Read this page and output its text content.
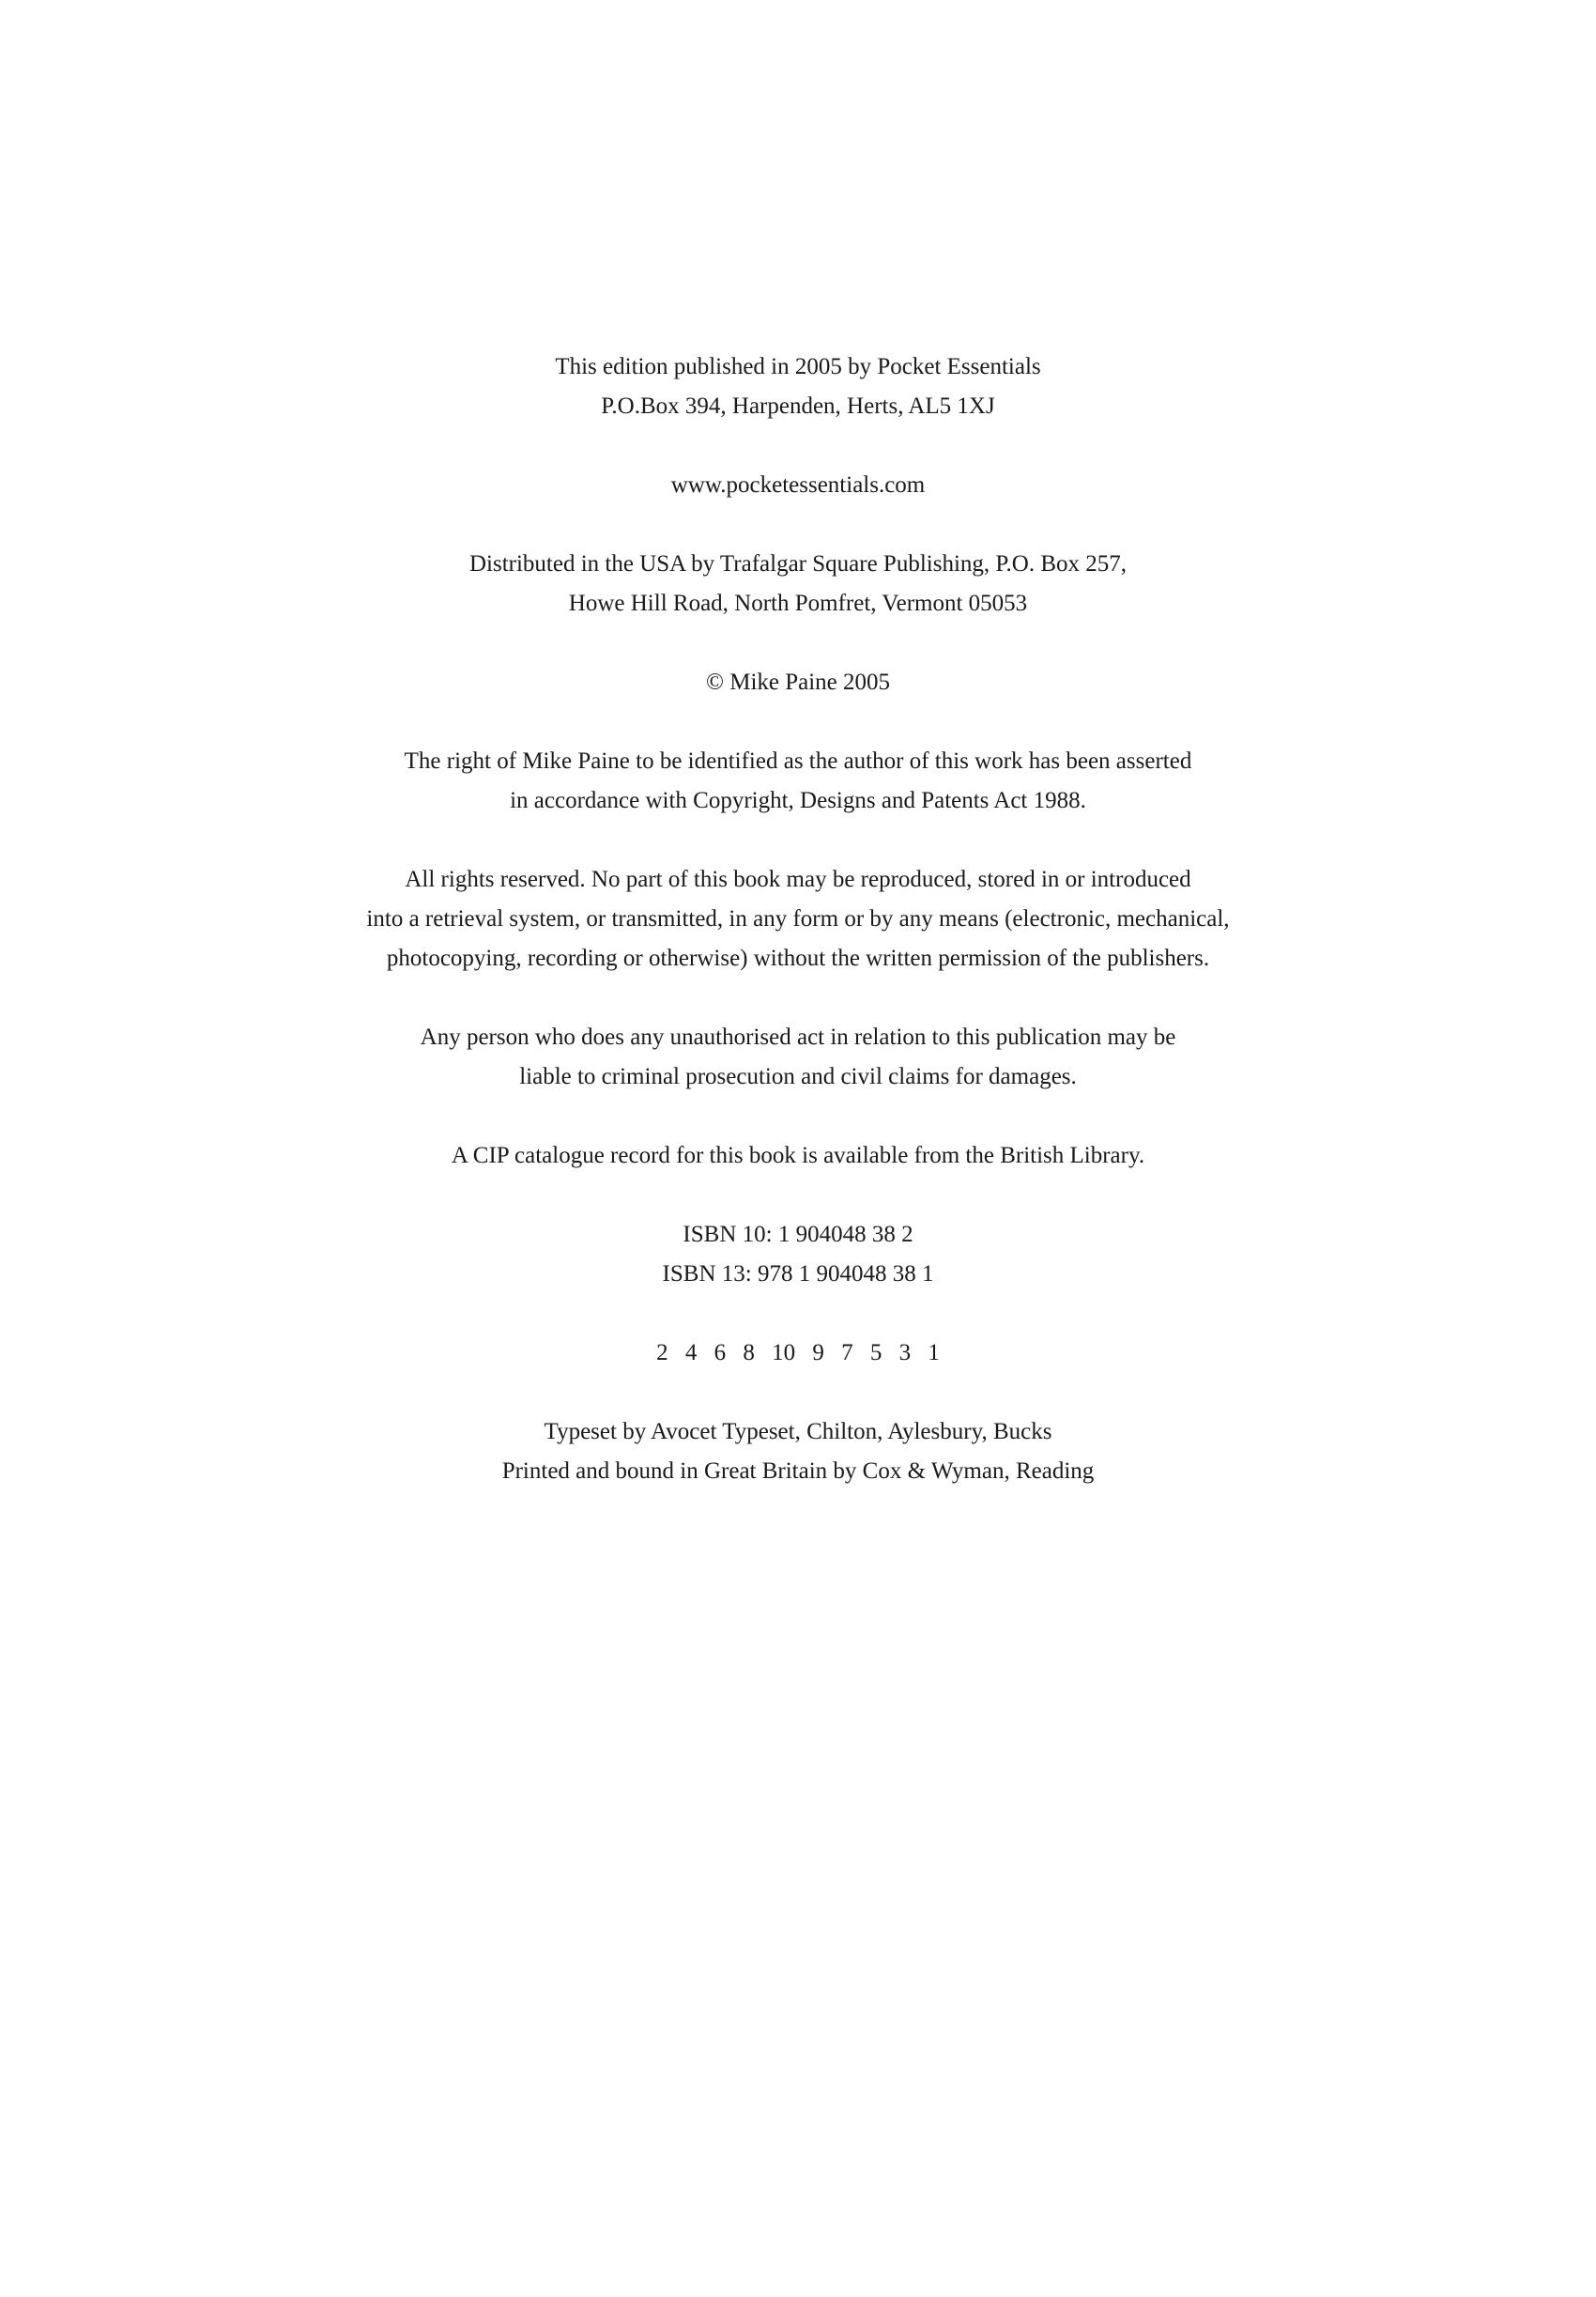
This edition published in 2005 by Pocket Essentials
P.O.Box 394, Harpenden, Herts, AL5 1XJ
www.pocketessentials.com
Distributed in the USA by Trafalgar Square Publishing, P.O. Box 257,
Howe Hill Road, North Pomfret, Vermont 05053
© Mike Paine 2005
The right of Mike Paine to be identified as the author of this work has been asserted
in accordance with Copyright, Designs and Patents Act 1988.
All rights reserved. No part of this book may be reproduced, stored in or introduced
into a retrieval system, or transmitted, in any form or by any means (electronic, mechanical,
photocopying, recording or otherwise) without the written permission of the publishers.
Any person who does any unauthorised act in relation to this publication may be
liable to criminal prosecution and civil claims for damages.
A CIP catalogue record for this book is available from the British Library.
ISBN 10: 1 904048 38 2
ISBN 13: 978 1 904048 38 1
2 4 6 8 10 9 7 5 3 1
Typeset by Avocet Typeset, Chilton, Aylesbury, Bucks
Printed and bound in Great Britain by Cox & Wyman, Reading
